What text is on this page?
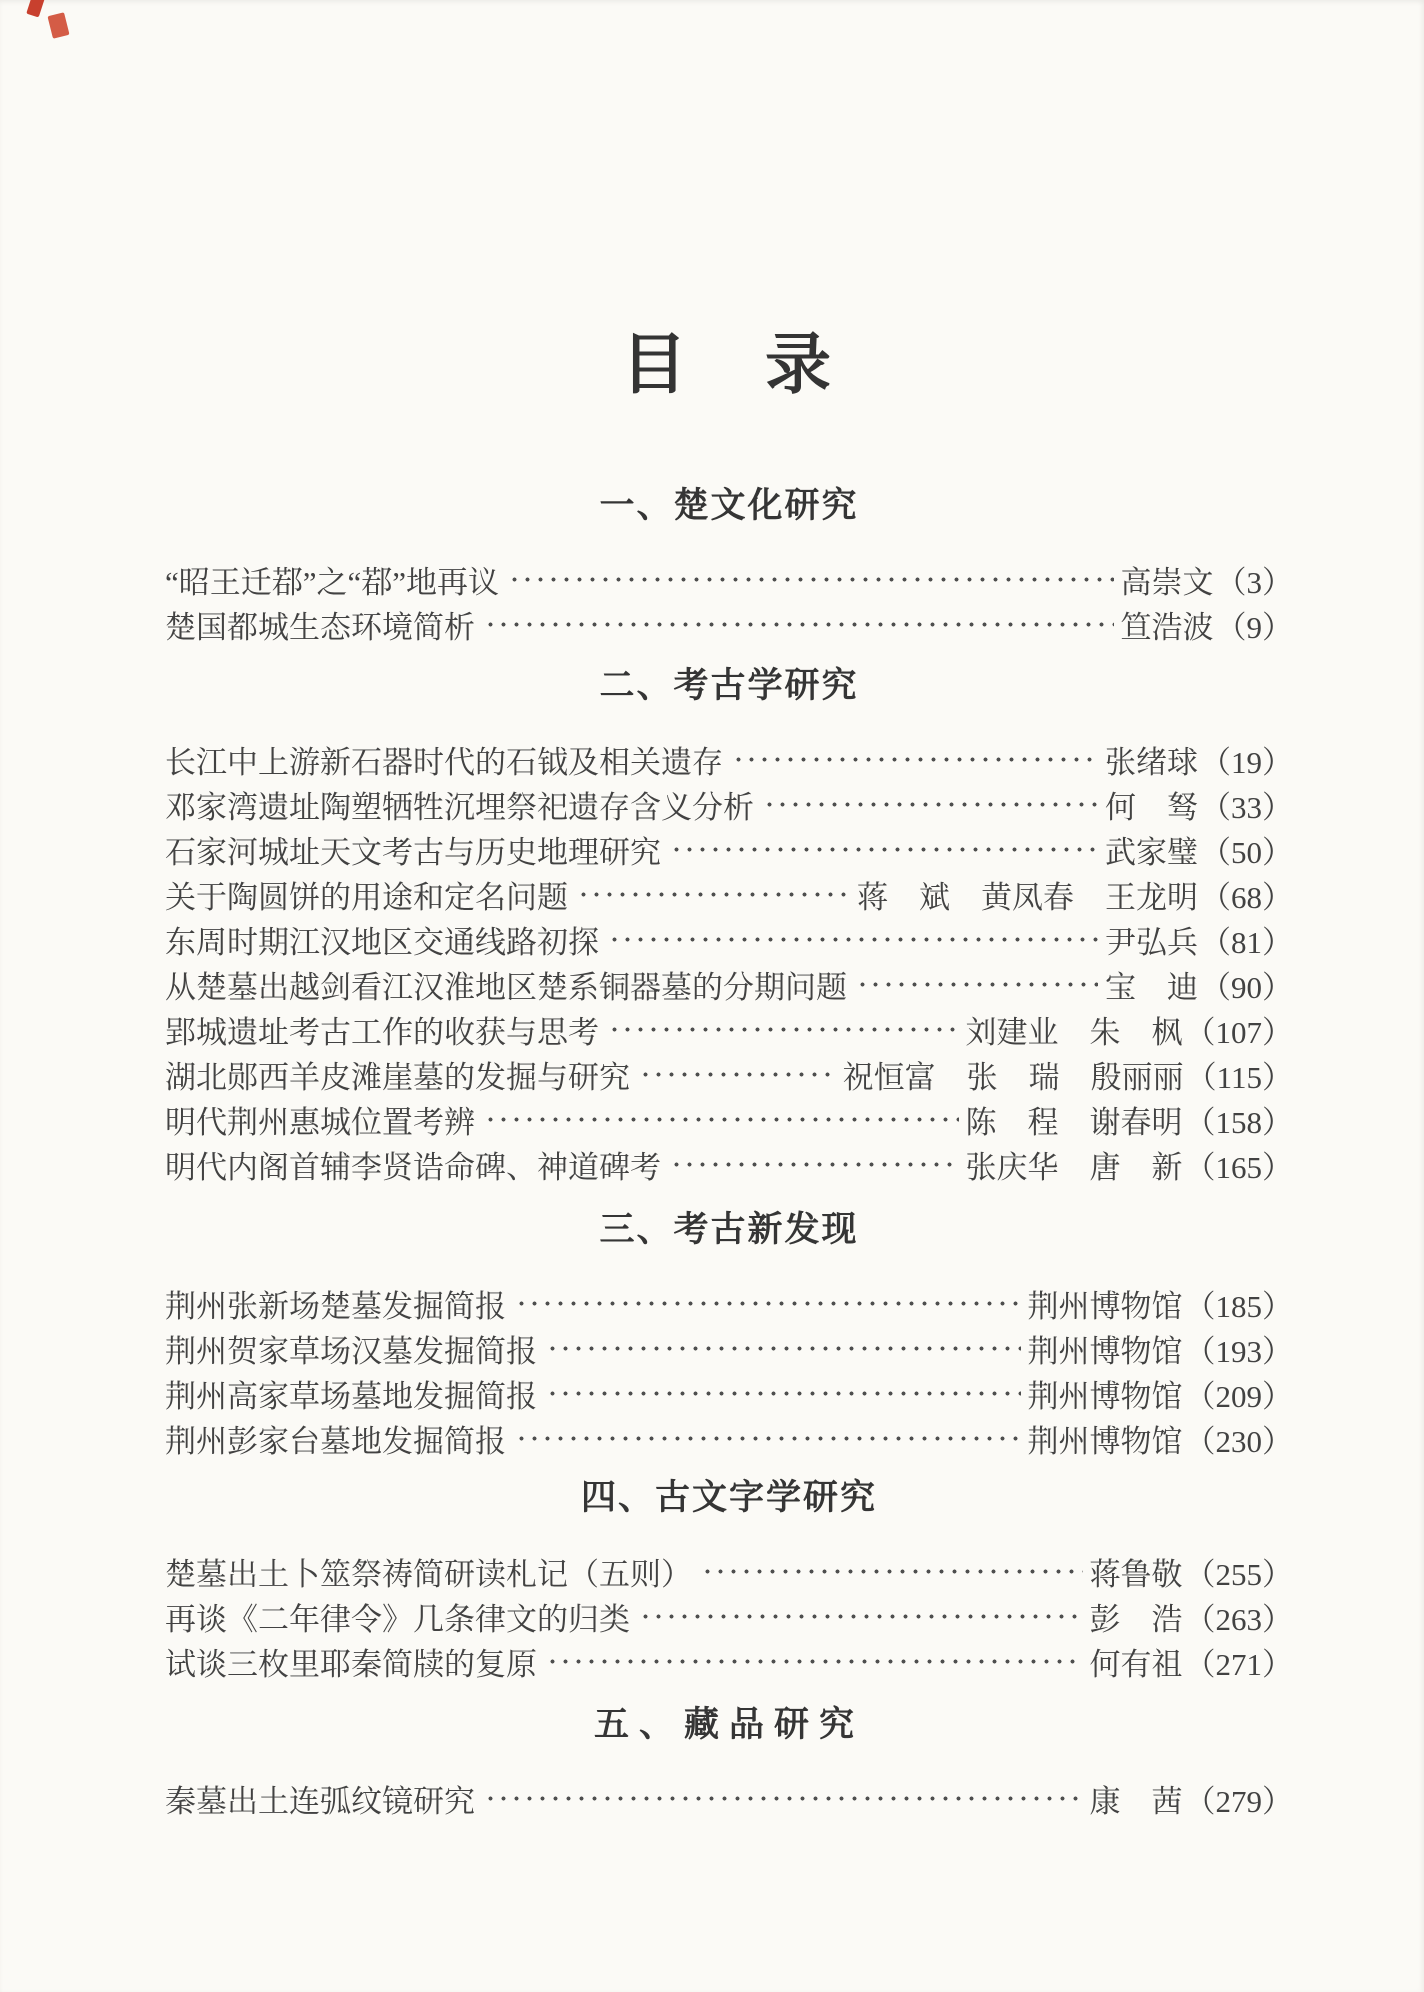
目　录
一、楚文化研究
“昭王迁鄀”之“鄀”地再议	高崇文 （3）
楚国都城生态环境简析	笪浩波 （9）
二、考古学研究
长江中上游新石器时代的石钺及相关遗存	张绪球 （19）
邓家湾遗址陶塑牺牲沉埋祭祀遗存含义分析	何　驽 （33）
石家河城址天文考古与历史地理研究	武家璧 （50）
关于陶圆饼的用途和定名问题	蒋　斌　黄凤春　王龙明 （68）
东周时期江汉地区交通线路初探	尹弘兵 （81）
从楚墓出越剑看江汉淮地区楚系铜器墓的分期问题	宝　迪 （90）
郢城遗址考古工作的收获与思考	刘建业　朱　枫 （107）
湖北郧西羊皮滩崖墓的发掘与研究	祝恒富　张　瑞　殷丽丽 （115）
明代荆州惠城位置考辨	陈　程　谢春明 （158）
明代内阁首辅李贤诰命碑、神道碑考	张庆华　唐　新 （165）
三、考古新发现
荆州张新场楚墓发掘简报	荆州博物馆 （185）
荆州贺家草场汉墓发掘简报	荆州博物馆 （193）
荆州高家草场墓地发掘简报	荆州博物馆 （209）
荆州彭家台墓地发掘简报	荆州博物馆 （230）
四、古文字学研究
楚墓出土卜筮祭祷简研读札记（五则）	蒋鲁敬 （255）
再谈《二年律令》几条律文的归类	彭　浩 （263）
试谈三枚里耶秦简牍的复原	何有祖 （271）
五、藏品研究
秦墓出土连弧纹镜研究	康　茜 （279）
